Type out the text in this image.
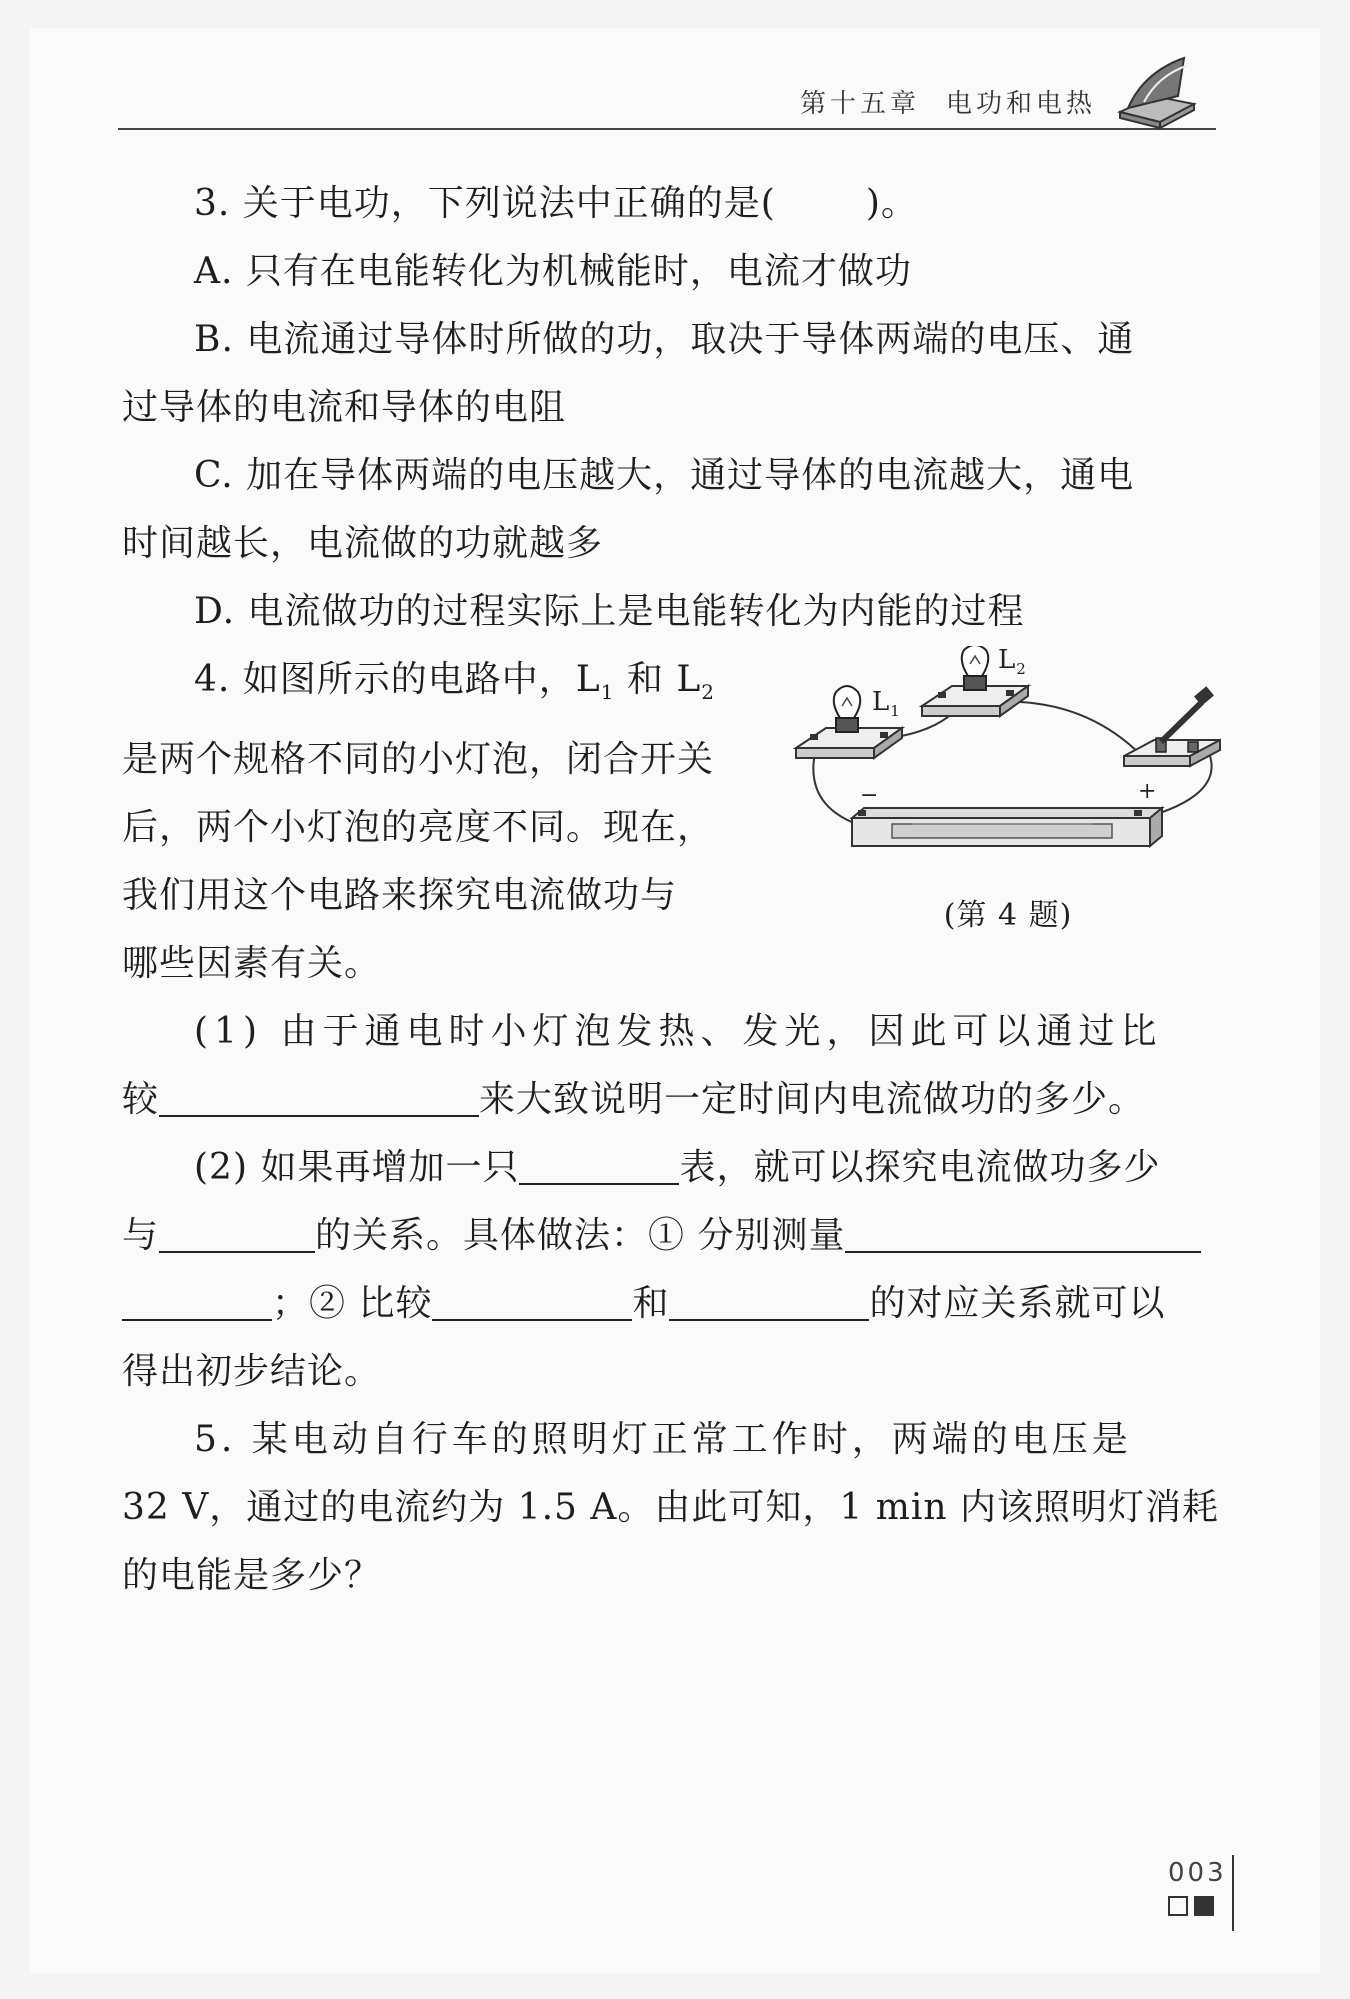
第十五章 电功和电热

3. 关于电功，下列说法中正确的是(	)。

A. 只有在电能转化为机械能时，电流才做功

B. 电流通过导体时所做的功，取决于导体两端的电压、通

过导体的电流和导体的电阻

C. 加在导体两端的电压越大，通过导体的电流越大，通电

时间越长，电流做的功就越多

D. 电流做功的过程实际上是电能转化为内能的过程

4. 如图所示的电路中，$L_1$ 和 $L_2$

是两个规格不同的小灯泡，闭合开关

后，两个小灯泡的亮度不同。现在，

我们用这个电路来探究电流做功与

哪些因素有关。

$L_1$
$L_2$
−	+
(第 4 题)

(1) 由于通电时小灯泡发热、发光，因此可以通过比

较	来大致说明一定时间内电流做功的多少。

(2) 如果再增加一只	表，就可以探究电流做功多少

与	的关系。具体做法：① 分别测量

；② 比较	和	的对应关系就可以

得出初步结论。

5. 某电动自行车的照明灯正常工作时，两端的电压是

32 V，通过的电流约为 1.5 A。由此可知，1 min 内该照明灯消耗

的电能是多少？

003
